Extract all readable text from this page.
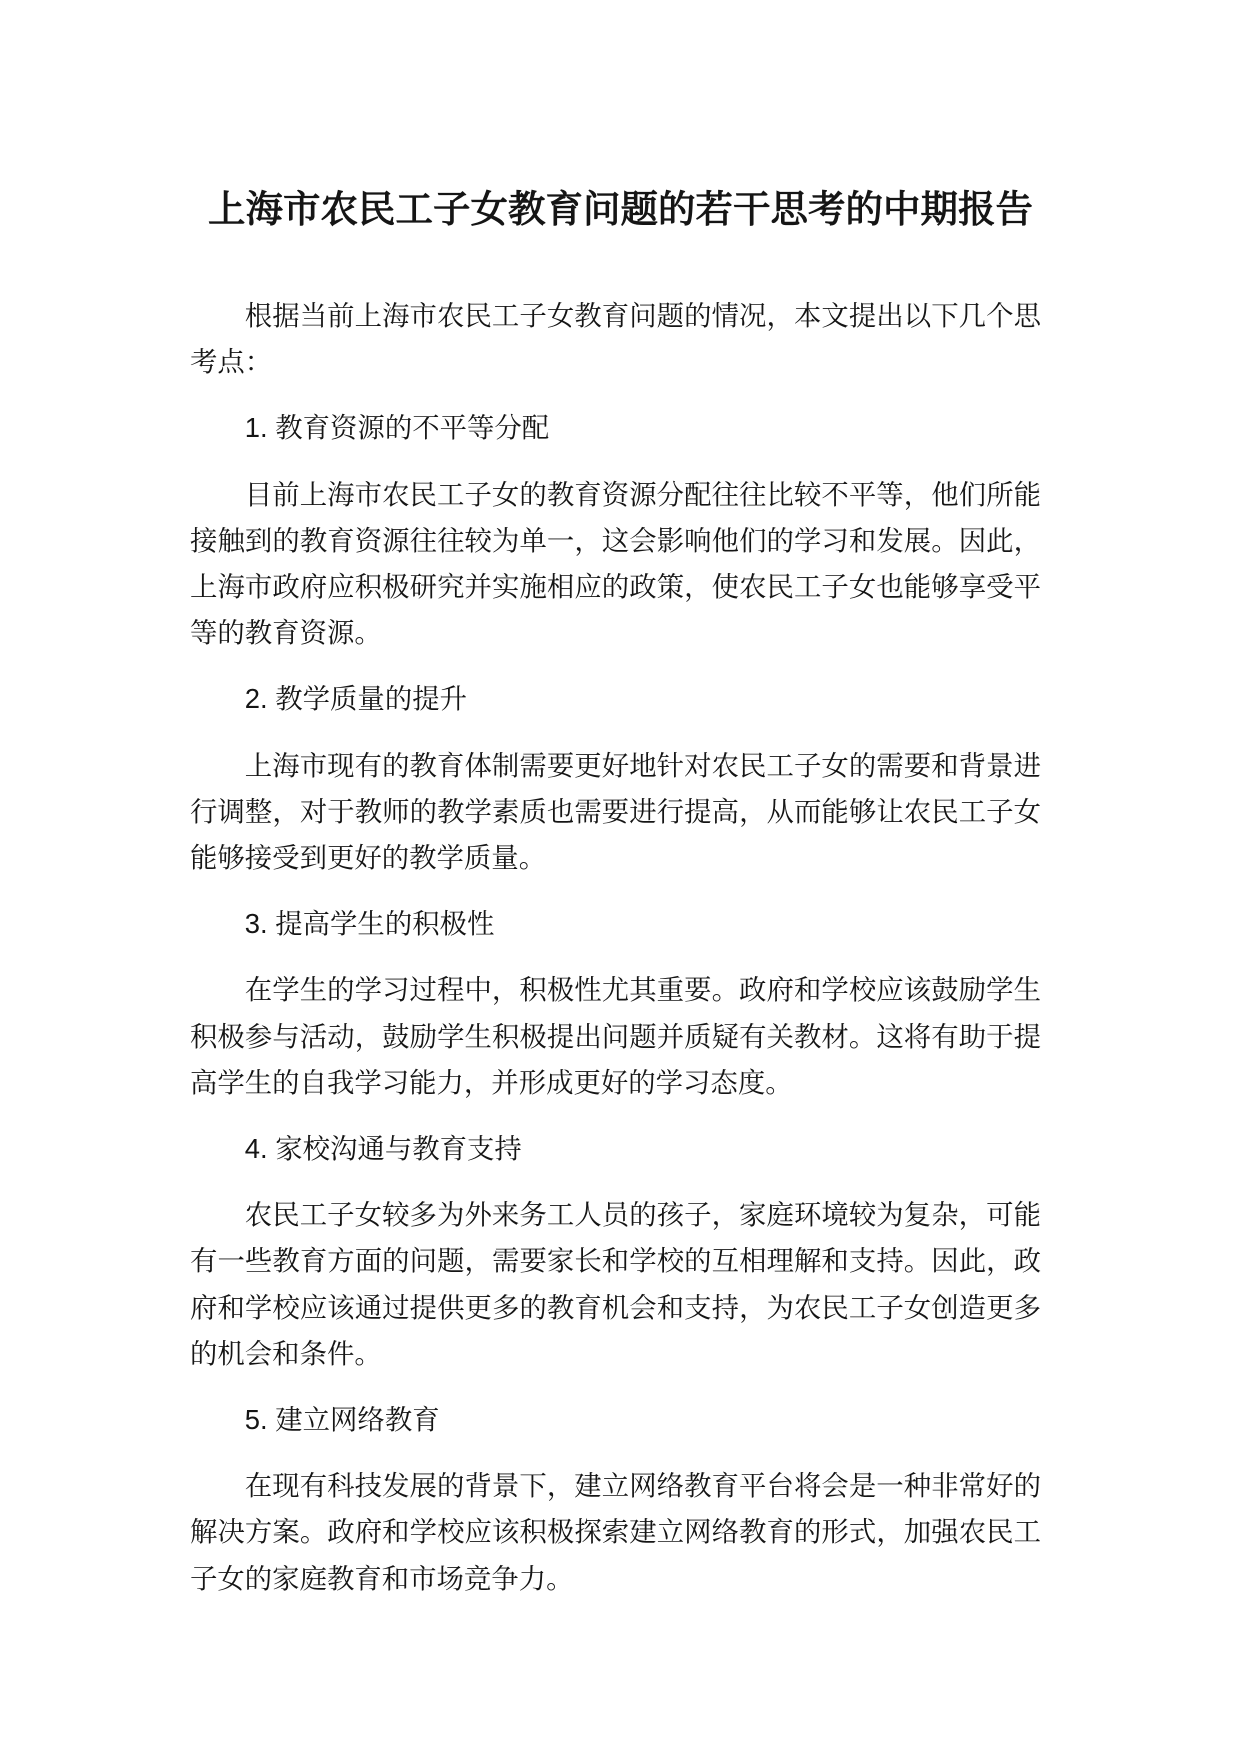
上海市农民工子女教育问题的若干思考的中期报告

根据当前上海市农民工子女教育问题的情况，本文提出以下几个思考点：

1. 教育资源的不平等分配

目前上海市农民工子女的教育资源分配往往比较不平等，他们所能接触到的教育资源往往较为单一，这会影响他们的学习和发展。因此，上海市政府应积极研究并实施相应的政策，使农民工子女也能够享受平等的教育资源。

2. 教学质量的提升

上海市现有的教育体制需要更好地针对农民工子女的需要和背景进行调整，对于教师的教学素质也需要进行提高，从而能够让农民工子女能够接受到更好的教学质量。

3. 提高学生的积极性

在学生的学习过程中，积极性尤其重要。政府和学校应该鼓励学生积极参与活动，鼓励学生积极提出问题并质疑有关教材。这将有助于提高学生的自我学习能力，并形成更好的学习态度。

4. 家校沟通与教育支持

农民工子女较多为外来务工人员的孩子，家庭环境较为复杂，可能有一些教育方面的问题，需要家长和学校的互相理解和支持。因此，政府和学校应该通过提供更多的教育机会和支持，为农民工子女创造更多的机会和条件。

5. 建立网络教育

在现有科技发展的背景下，建立网络教育平台将会是一种非常好的解决方案。政府和学校应该积极探索建立网络教育的形式，加强农民工子女的家庭教育和市场竞争力。
